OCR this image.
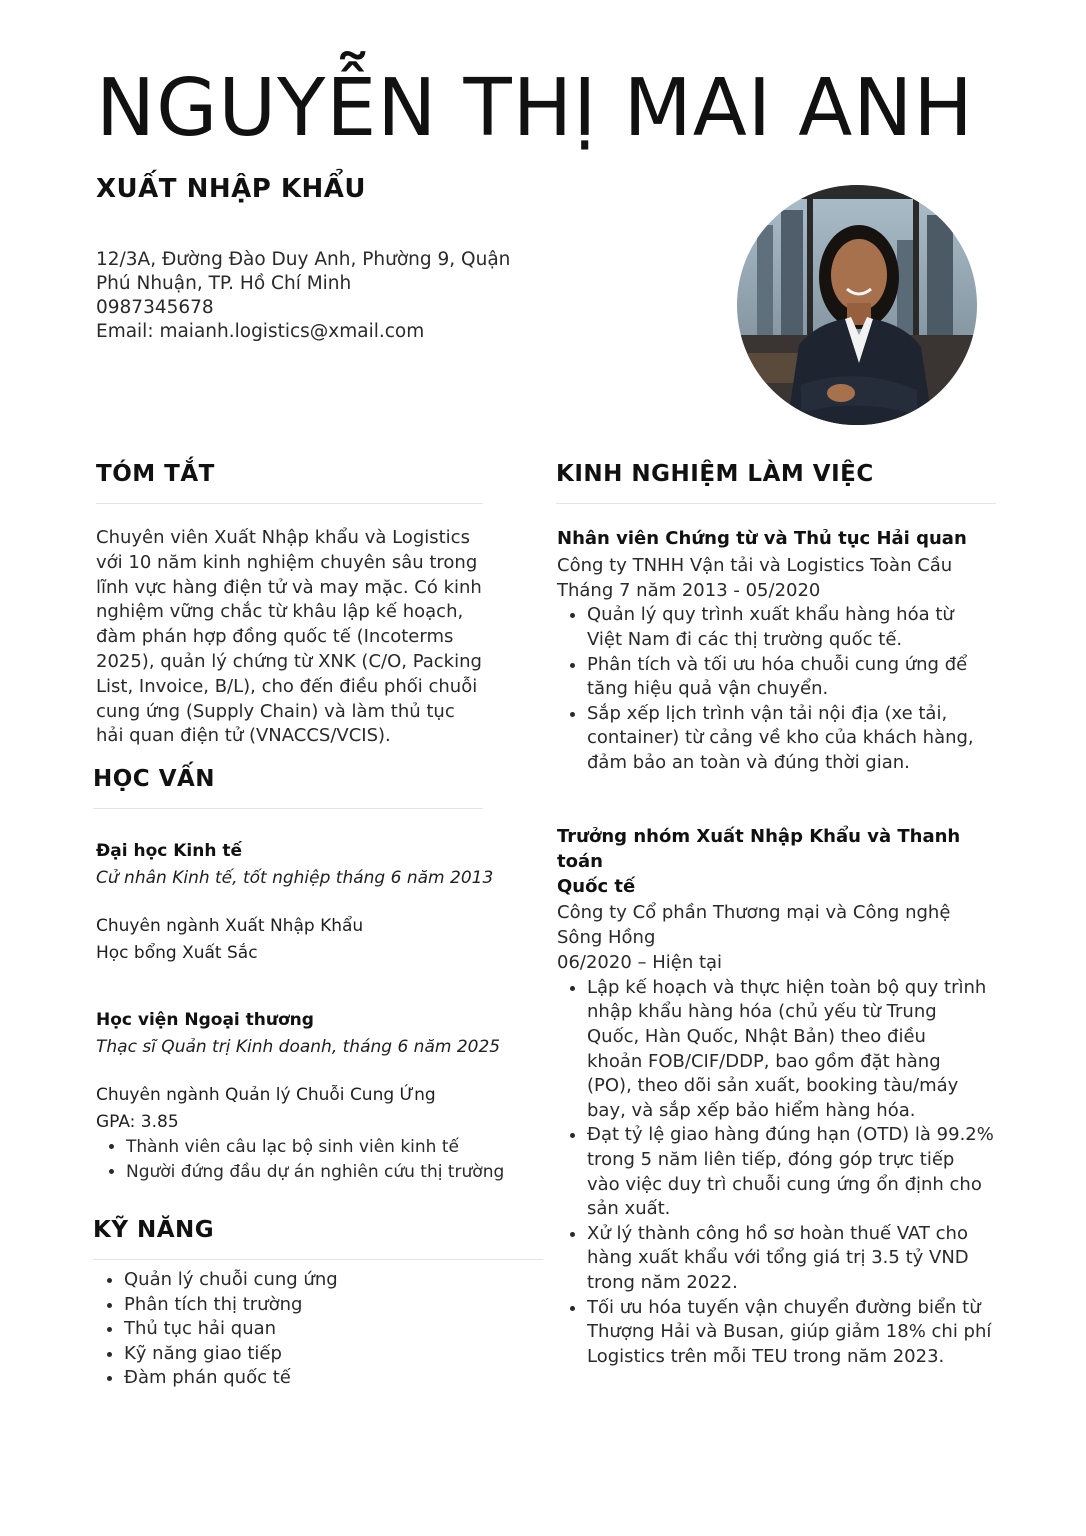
NGUYỄN THỊ MAI ANH
XUẤT NHẬP KHẨU
12/3A, Đường Đào Duy Anh, Phường 9, Quận
Phú Nhuận, TP. Hồ Chí Minh
0987345678
Email: maianh.logistics@xmail.com
TÓM TẮT
Chuyên viên Xuất Nhập khẩu và Logistics
với 10 năm kinh nghiệm chuyên sâu trong
lĩnh vực hàng điện tử và may mặc. Có kinh
nghiệm vững chắc từ khâu lập kế hoạch,
đàm phán hợp đồng quốc tế (Incoterms
2025), quản lý chứng từ XNK (C/O, Packing
List, Invoice, B/L), cho đến điều phối chuỗi
cung ứng (Supply Chain) và làm thủ tục
hải quan điện tử (VNACCS/VCIS).
HỌC VẤN
Đại học Kinh tế
Cử nhân Kinh tế, tốt nghiệp tháng 6 năm 2013
Chuyên ngành Xuất Nhập Khẩu
Học bổng Xuất Sắc
Học viện Ngoại thương
Thạc sĩ Quản trị Kinh doanh, tháng 6 năm 2025
Chuyên ngành Quản lý Chuỗi Cung Ứng
GPA: 3.85
• Thành viên câu lạc bộ sinh viên kinh tế
• Người đứng đầu dự án nghiên cứu thị trường
KỸ NĂNG
• Quản lý chuỗi cung ứng
• Phân tích thị trường
• Thủ tục hải quan
• Kỹ năng giao tiếp
• Đàm phán quốc tế
KINH NGHIỆM LÀM VIỆC
Nhân viên Chứng từ và Thủ tục Hải quan
Công ty TNHH Vận tải và Logistics Toàn Cầu
Tháng 7 năm 2013 - 05/2020
• Quản lý quy trình xuất khẩu hàng hóa từ
Việt Nam đi các thị trường quốc tế.
• Phân tích và tối ưu hóa chuỗi cung ứng để
tăng hiệu quả vận chuyển.
• Sắp xếp lịch trình vận tải nội địa (xe tải,
container) từ cảng về kho của khách hàng,
đảm bảo an toàn và đúng thời gian.
Trưởng nhóm Xuất Nhập Khẩu và Thanh toán
Quốc tế
Công ty Cổ phần Thương mại và Công nghệ
Sông Hồng
06/2020 – Hiện tại
• Lập kế hoạch và thực hiện toàn bộ quy trình
nhập khẩu hàng hóa (chủ yếu từ Trung
Quốc, Hàn Quốc, Nhật Bản) theo điều
khoản FOB/CIF/DDP, bao gồm đặt hàng
(PO), theo dõi sản xuất, booking tàu/máy
bay, và sắp xếp bảo hiểm hàng hóa.
• Đạt tỷ lệ giao hàng đúng hạn (OTD) là 99.2%
trong 5 năm liên tiếp, đóng góp trực tiếp
vào việc duy trì chuỗi cung ứng ổn định cho
sản xuất.
• Xử lý thành công hồ sơ hoàn thuế VAT cho
hàng xuất khẩu với tổng giá trị 3.5 tỷ VND
trong năm 2022.
• Tối ưu hóa tuyến vận chuyển đường biển từ
Thượng Hải và Busan, giúp giảm 18% chi phí
Logistics trên mỗi TEU trong năm 2023.
